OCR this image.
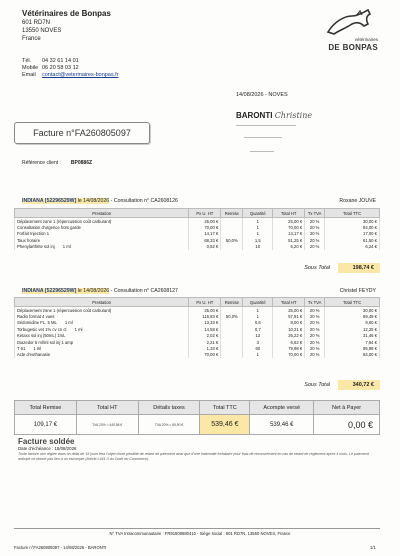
Vétérinaires de Bonpas
601 RD7N
13550 NOVES
France
Tél. 04 32 61 14 01
Mobile 06 20 58 03 12
Email contact@veterinaires-bonpas.fr
vétérinaires
DE BONPAS
14/08/2026 - NOVES
BARONTI Christine
Facture n°FA260805097
Référence client : BP0886Z
INDIANA [52296529W] le 14/08/2026 - Consultation n° CA2608126	Roxane JOUVE
Prestation	Px U. HT	Remise	Quantité	Total HT	Tx TVA	Total TTC
Déplacement zone 1 (répercussion coût carburant)	25,00 €		1	25,00 €	20 %	30,00 €
Consultation d'urgence hors garde	70,00 €		1	70,00 €	20 %	84,00 €
Forfait Injection 1	14,17 €		1	14,17 €	20 %	17,00 €
Taux horaire	68,33 €	50,0%	1,5	51,25 €	20 %	61,50 €
Phenylarthrite sol inj 1 ml	0,52 €		10	5,20 €	20 %	6,24 €
Sous Total	198,74 €
INDIANA [52296529W] le 14/08/2026 - Consultation n° CA2608127	Christel FEYDY
Prestation	Px U. HT	Remise	Quantité	Total HT	Tx TVA	Total TTC
Déplacement zone 1 (répercussion coût carburant)	25,00 €		1	25,00 €	20 %	30,00 €
Radio format 4 vues	115,83 €	50,0%	1	57,91 €	20 %	69,49 €
Sédomidine FL. 5 ML 1 ml	13,33 €		0,6	8,00 €	20 %	9,60 €
Torbugesic vet 1% cv cn ct 1 ml	14,58 €		0,7	10,21 €	20 %	12,25 €
Ketaxx sol inj (50mL) 1mL	2,02 €		13	26,22 €	20 %	31,46 €
Diazedor 5 ml/ml sol inj 1 amp	2,21 €		3	6,62 €	20 %	7,94 €
T 61 1 ml	1,33 €		60	79,98 €	20 %	95,98 €
Acte d'euthanasie	70,00 €		1	70,00 €	20 %	84,00 €
Sous Total	340,72 €
Total Remise	Total HT	Détails taxes	Total TTC	Acompte versé	Net à Payer
109,17 €	TVA 20% = 449,56 €	TVA 20% = 89,90 €	539,46 €	539,46 €	0,00 €
Facture soldée
Date d'échéance : 15/08/2026
Toute facture non réglée dans un délai de 15 jours fera l'objet d'une pénalité de retard de paiement ainsi que d'une indemnité forfaitaire pour frais de recouvrement en cas de retard de règlement après 4 mois. Le paiement anticipé ne donne pas lieu à un escompte (Article L441-3 du Code du Commerce).
N° TVA Intracommunautaire : FR91508680410 - Siège social : 601 RD7N, 13550 NOVES, France
Facture n°FA260805097 - 14/08/2026 - BARONTI	1/1
